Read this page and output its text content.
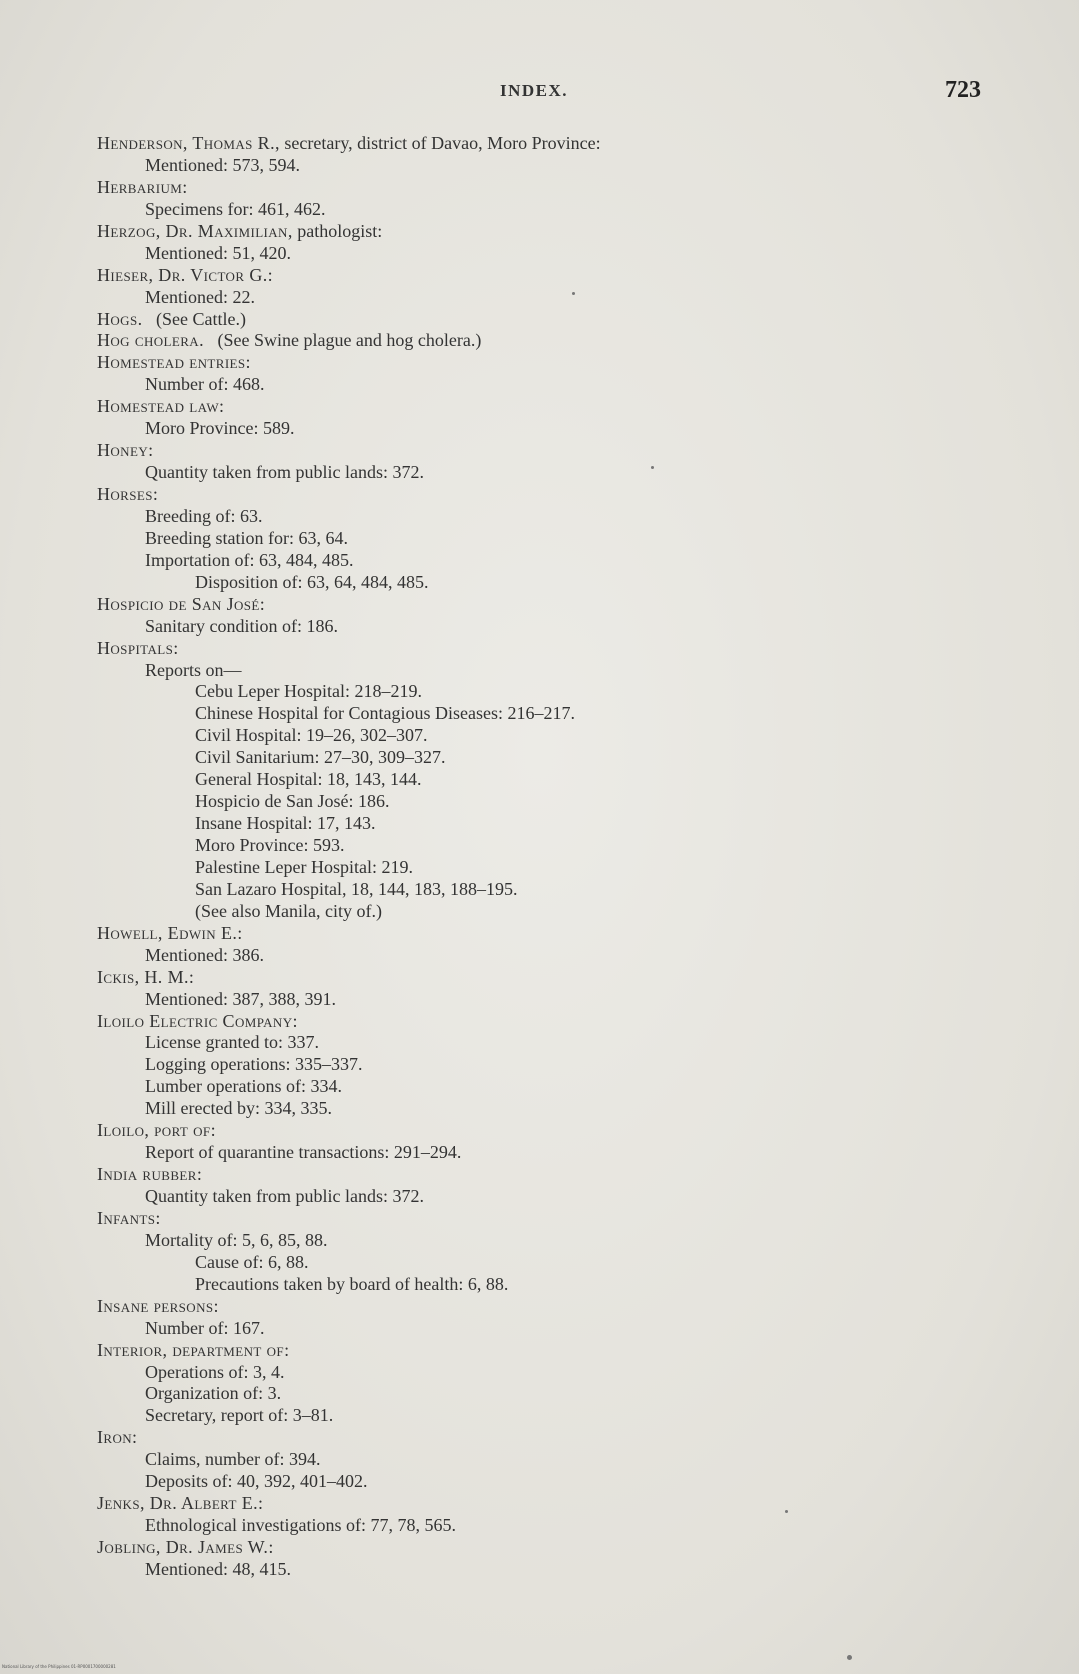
INDEX.	723
Henderson, Thomas R., secretary, district of Davao, Moro Province:
Mentioned: 573, 594.
Herbarium:
Specimens for: 461, 462.
Herzog, Dr. Maximilian, pathologist:
Mentioned: 51, 420.
Hieser, Dr. Victor G.:
Mentioned: 22.
Hogs.   (See Cattle.)
Hog cholera.   (See Swine plague and hog cholera.)
Homestead entries:
Number of: 468.
Homestead law:
Moro Province: 589.
Honey:
Quantity taken from public lands: 372.
Horses:
Breeding of: 63.
Breeding station for: 63, 64.
Importation of: 63, 484, 485.
Disposition of: 63, 64, 484, 485.
Hospicio de San José:
Sanitary condition of: 186.
Hospitals:
Reports on—
Cebu Leper Hospital: 218–219.
Chinese Hospital for Contagious Diseases: 216–217.
Civil Hospital: 19–26, 302–307.
Civil Sanitarium: 27–30, 309–327.
General Hospital: 18, 143, 144.
Hospicio de San José: 186.
Insane Hospital: 17, 143.
Moro Province: 593.
Palestine Leper Hospital: 219.
San Lazaro Hospital, 18, 144, 183, 188–195.
(See also Manila, city of.)
Howell, Edwin E.:
Mentioned: 386.
Ickis, H. M.:
Mentioned: 387, 388, 391.
Iloilo Electric Company:
License granted to: 337.
Logging operations: 335–337.
Lumber operations of: 334.
Mill erected by: 334, 335.
Iloilo, port of:
Report of quarantine transactions: 291–294.
India rubber:
Quantity taken from public lands: 372.
Infants:
Mortality of: 5, 6, 85, 88.
Cause of: 6, 88.
Precautions taken by board of health: 6, 88.
Insane persons:
Number of: 167.
Interior, department of:
Operations of: 3, 4.
Organization of: 3.
Secretary, report of: 3–81.
Iron:
Claims, number of: 394.
Deposits of: 40, 392, 401–402.
Jenks, Dr. Albert E.:
Ethnological investigations of: 77, 78, 565.
Jobling, Dr. James W.:
Mentioned: 48, 415.
National Library of the Philippines 01-RP0001700000281
